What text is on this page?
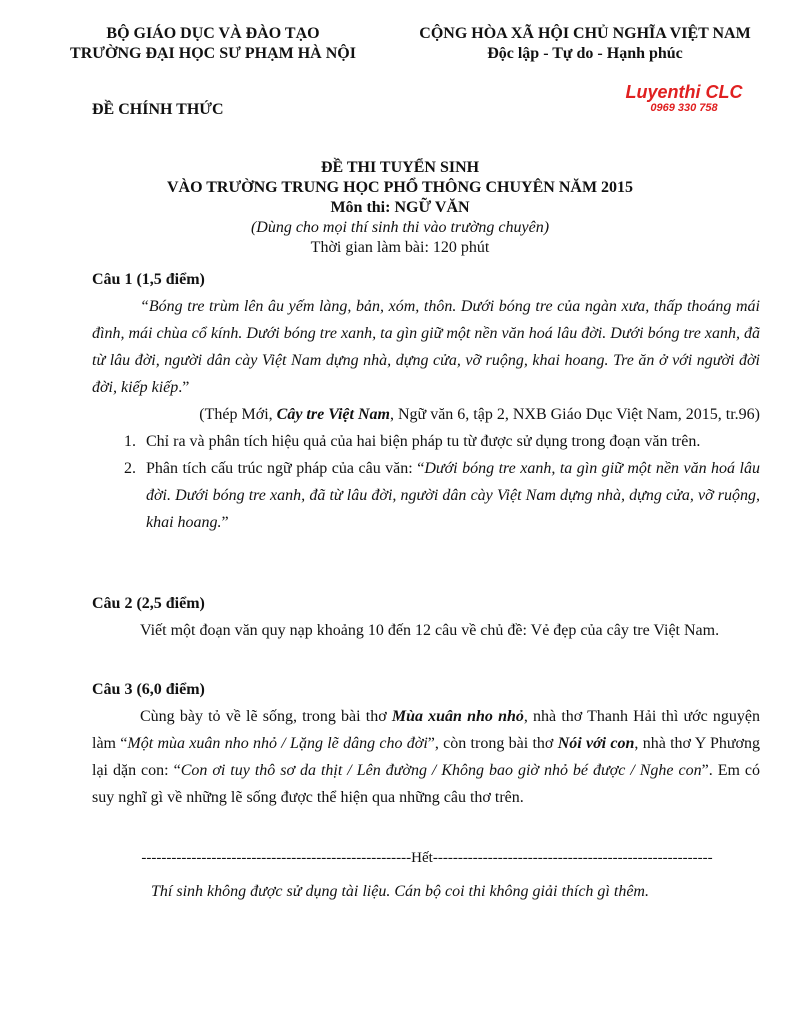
BỘ GIÁO DỤC VÀ ĐÀO TẠO
TRƯỜNG ĐẠI HỌC SƯ PHẠM HÀ NỘI
CỘNG HÒA XÃ HỘI CHỦ NGHĨA VIỆT NAM
Độc lập - Tự do - Hạnh phúc
ĐỀ CHÍNH THỨC
Luyenthi CLC
0969 330 758
ĐỀ THI TUYỂN SINH
VÀO TRƯỜNG TRUNG HỌC PHỔ THÔNG CHUYÊN NĂM 2015
Môn thi: NGỮ VĂN
(Dùng cho mọi thí sinh thi vào trường chuyên)
Thời gian làm bài: 120 phút
Câu 1 (1,5 điểm)
“Bóng tre trùm lên âu yếm làng, bản, xóm, thôn. Dưới bóng tre của ngàn xưa, thấp thoáng mái đình, mái chùa cổ kính. Dưới bóng tre xanh, ta gìn giữ một nền văn hoá lâu đời. Dưới bóng tre xanh, đã từ lâu đời, người dân cày Việt Nam dựng nhà, dựng cửa, vỡ ruộng, khai hoang. Tre ăn ở với người đời đời, kiếp kiếp.”
(Thép Mới, Cây tre Việt Nam, Ngữ văn 6, tập 2, NXB Giáo Dục Việt Nam, 2015, tr.96)
1. Chỉ ra và phân tích hiệu quả của hai biện pháp tu từ được sử dụng trong đoạn văn trên.
2. Phân tích cấu trúc ngữ pháp của câu văn: “Dưới bóng tre xanh, ta gìn giữ một nền văn hoá lâu đời. Dưới bóng tre xanh, đã từ lâu đời, người dân cày Việt Nam dựng nhà, dựng cửa, vỡ ruộng, khai hoang.”
Câu 2 (2,5 điểm)
Viết một đoạn văn quy nạp khoảng 10 đến 12 câu về chủ đề: Vẻ đẹp của cây tre Việt Nam.
Câu 3 (6,0 điểm)
Cùng bày tỏ về lẽ sống, trong bài thơ Mùa xuân nho nhỏ, nhà thơ Thanh Hải thì ước nguyện làm “Một mùa xuân nho nhỏ / Lặng lẽ dâng cho đời”, còn trong bài thơ Nói với con, nhà thơ Y Phương lại dặn con: “Con ơi tuy thô sơ da thịt / Lên đường / Không bao giờ nhỏ bé được / Nghe con”. Em có suy nghĩ gì về những lẽ sống được thể hiện qua những câu thơ trên.
------------------------------------------------------Hết--------------------------------------------------------
Thí sinh không được sử dụng tài liệu. Cán bộ coi thi không giải thích gì thêm.
